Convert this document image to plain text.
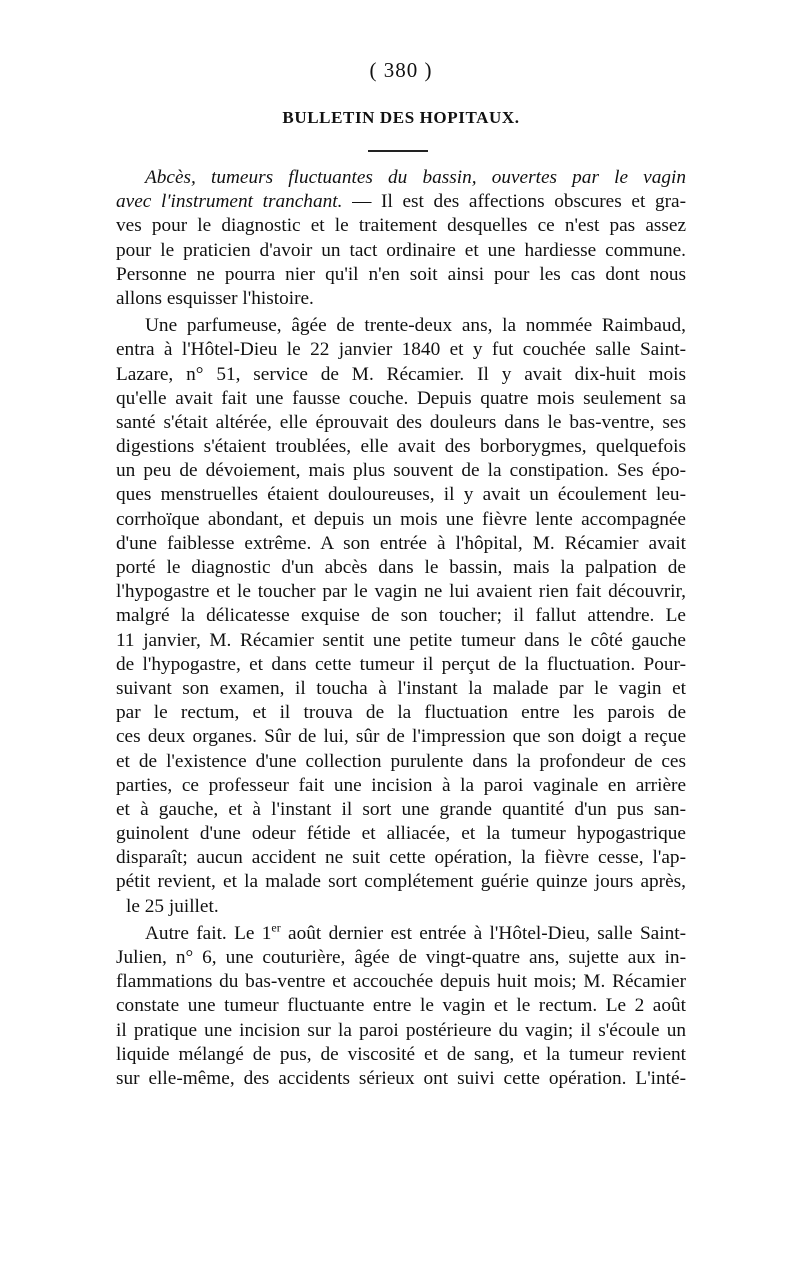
( 380 )
BULLETIN DES HOPITAUX.
Abcès, tumeurs fluctuantes du bassin, ouvertes par le vagin
avec l'instrument tranchant. — Il est des affections obscures et gra-
ves pour le diagnostic et le traitement desquelles ce n'est pas assez
pour le praticien d'avoir un tact ordinaire et une hardiesse commune.
Personne ne pourra nier qu'il n'en soit ainsi pour les cas dont nous
allons esquisser l'histoire.
Une parfumeuse, âgée de trente-deux ans, la nommée Raimbaud,
entra à l'Hôtel-Dieu le 22 janvier 1840 et y fut couchée salle Saint-
Lazare, n° 51, service de M. Récamier. Il y avait dix-huit mois
qu'elle avait fait une fausse couche. Depuis quatre mois seulement sa
santé s'était altérée, elle éprouvait des douleurs dans le bas-ventre, ses
digestions s'étaient troublées, elle avait des borborygmes, quelquefois
un peu de dévoiement, mais plus souvent de la constipation. Ses épo-
ques menstruelles étaient douloureuses, il y avait un écoulement leu-
corrhoïque abondant, et depuis un mois une fièvre lente accompagnée
d'une faiblesse extrême. A son entrée à l'hôpital, M. Récamier avait
porté le diagnostic d'un abcès dans le bassin, mais la palpation de
l'hypogastre et le toucher par le vagin ne lui avaient rien fait découvrir,
malgré la délicatesse exquise de son toucher; il fallut attendre. Le
11 janvier, M. Récamier sentit une petite tumeur dans le côté gauche
de l'hypogastre, et dans cette tumeur il perçut de la fluctuation. Pour-
suivant son examen, il toucha à l'instant la malade par le vagin et
par le rectum, et il trouva de la fluctuation entre les parois de
ces deux organes. Sûr de lui, sûr de l'impression que son doigt a reçue
et de l'existence d'une collection purulente dans la profondeur de ces
parties, ce professeur fait une incision à la paroi vaginale en arrière
et à gauche, et à l'instant il sort une grande quantité d'un pus san-
guinolent d'une odeur fétide et alliacée, et la tumeur hypogastrique
disparaît; aucun accident ne suit cette opération, la fièvre cesse, l'ap-
pétit revient, et la malade sort complétement guérie quinze jours après,
le 25 juillet.
Autre fait. Le 1er août dernier est entrée à l'Hôtel-Dieu, salle Saint-
Julien, n° 6, une couturière, âgée de vingt-quatre ans, sujette aux in-
flammations du bas-ventre et accouchée depuis huit mois; M. Récamier
constate une tumeur fluctuante entre le vagin et le rectum. Le 2 août
il pratique une incision sur la paroi postérieure du vagin; il s'écoule un
liquide mélangé de pus, de viscosité et de sang, et la tumeur revient
sur elle-même, des accidents sérieux ont suivi cette opération. L'inté-
